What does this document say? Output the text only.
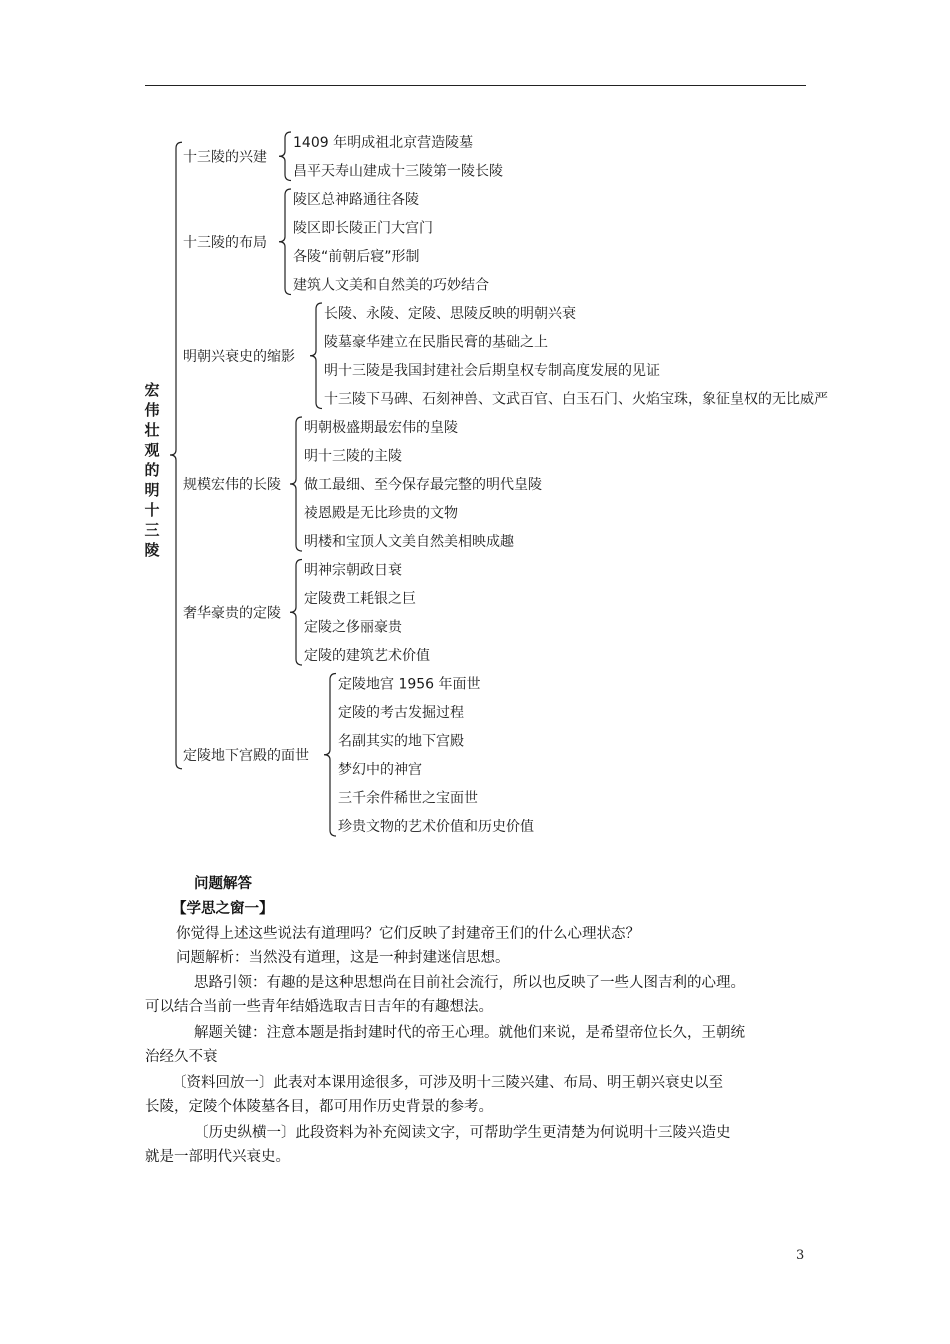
宏
伟
壮
观
的
明
十
三
陵
1409 年明成祖北京营造陵墓
昌平天寿山建成十三陵第一陵长陵
十三陵的兴建
陵区总神路通往各陵
陵区即长陵正门大宫门
各陵“前朝后寝”形制
建筑人文美和自然美的巧妙结合
十三陵的布局
长陵、永陵、定陵、思陵反映的明朝兴衰
陵墓豪华建立在民脂民膏的基础之上
明十三陵是我国封建社会后期皇权专制高度发展的见证
十三陵下马碑、石刻神兽、文武百官、白玉石门、火焰宝珠，象征皇权的无比威严
明朝兴衰史的缩影
明朝极盛期最宏伟的皇陵
明十三陵的主陵
做工最细、至今保存最完整的明代皇陵
祾恩殿是无比珍贵的文物
明楼和宝顶人文美自然美相映成趣
规模宏伟的长陵
明神宗朝政日衰
定陵费工耗银之巨
定陵之侈丽豪贵
定陵的建筑艺术价值
奢华豪贵的定陵
定陵地宫 1956 年面世
定陵的考古发掘过程
名副其实的地下宫殿
梦幻中的神宫
三千余件稀世之宝面世
珍贵文物的艺术价值和历史价值
定陵地下宫殿的面世
问题解答
【学思之窗一】
你觉得上述这些说法有道理吗？它们反映了封建帝王们的什么心理状态？
问题解析：当然没有道理，这是一种封建迷信思想。
思路引领：有趣的是这种思想尚在目前社会流行，所以也反映了一些人图吉利的心理。
可以结合当前一些青年结婚选取吉日吉年的有趣想法。
解题关键：注意本题是指封建时代的帝王心理。就他们来说，是希望帝位长久，王朝统
治经久不衰
〔资料回放一〕此表对本课用途很多，可涉及明十三陵兴建、布局、明王朝兴衰史以至
长陵，定陵个体陵墓各目，都可用作历史背景的参考。
〔历史纵横一〕此段资料为补充阅读文字，可帮助学生更清楚为何说明十三陵兴造史
就是一部明代兴衰史。
3
